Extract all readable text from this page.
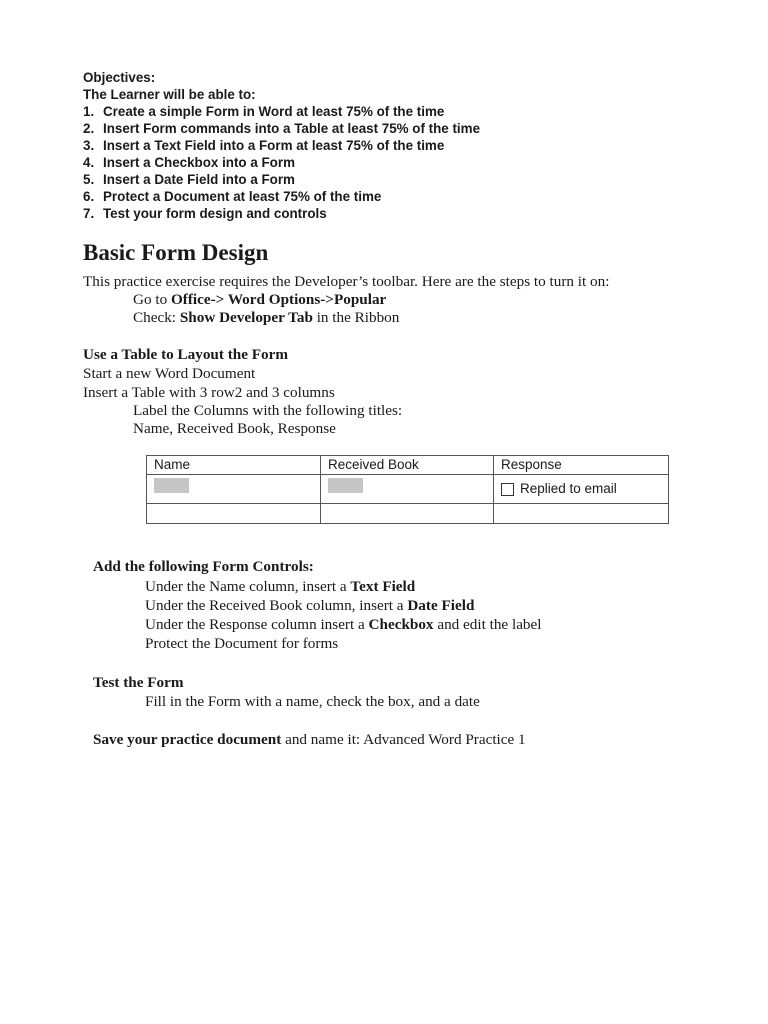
Objectives:
The Learner will be able to:
1. Create a simple Form in Word at least 75% of the time
2. Insert Form commands into a Table at least 75% of the time
3. Insert a Text Field into a Form at least 75% of the time
4. Insert a Checkbox into a Form
5. Insert a Date Field into a Form
6. Protect a Document at least 75% of the time
7. Test your form design and controls
Basic Form Design
This practice exercise requires the Developer’s toolbar. Here are the steps to turn it on:
Go to Office-> Word Options->Popular
Check: Show Developer Tab in the Ribbon
Use a Table to Layout the Form
Start a new Word Document
Insert a Table with 3 row2 and 3 columns
Label the Columns with the following titles:
Name, Received Book, Response
Name	Received Book	Response

		Replied to email

Add the following Form Controls:
Under the Name column, insert a Text Field
Under the Received Book column, insert a Date Field
Under the Response column insert a Checkbox and edit the label
Protect the Document for forms
Test the Form
Fill in the Form with a name, check the box, and a date
Save your practice document and name it: Advanced Word Practice 1
